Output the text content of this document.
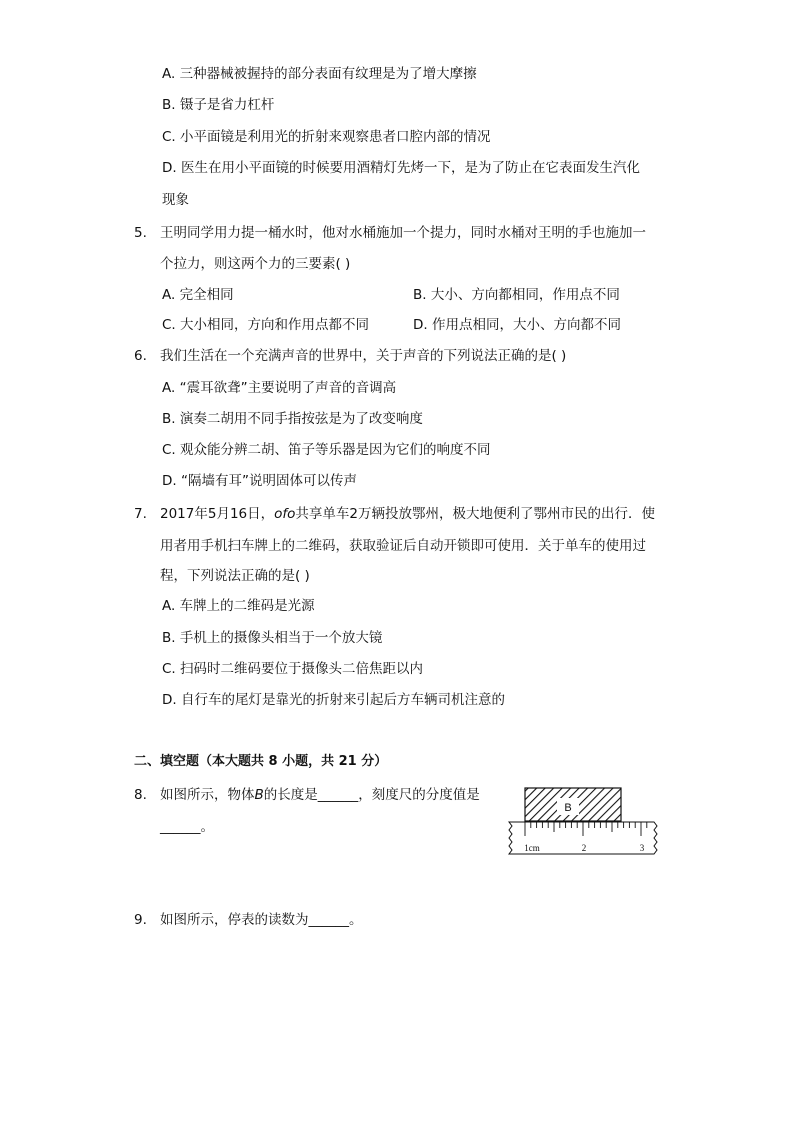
A. 三种器械被握持的部分表面有纹理是为了增大摩擦
B. 镊子是省力杠杆
C. 小平面镜是利用光的折射来观察患者口腔内部的情况
D. 医生在用小平面镜的时候要用酒精灯先烤一下，是为了防止在它表面发生汽化
现象
5. 王明同学用力提一桶水时，他对水桶施加一个提力，同时水桶对王明的手也施加一
个拉力，则这两个力的三要素( )
A. 完全相同	B. 大小、方向都相同，作用点不同
C. 大小相同，方向和作用点都不同	D. 作用点相同，大小、方向都不同
6. 我们生活在一个充满声音的世界中，关于声音的下列说法正确的是( )
A. “震耳欲聋”主要说明了声音的音调高
B. 演奏二胡用不同手指按弦是为了改变响度
C. 观众能分辨二胡、笛子等乐器是因为它们的响度不同
D. “隔墙有耳”说明固体可以传声
7. 2017年5月16日，ofo共享单车2万辆投放鄂州，极大地便利了鄂州市民的出行．使
用者用手机扫车牌上的二维码，获取验证后自动开锁即可使用．关于单车的使用过
程，下列说法正确的是( )
A. 车牌上的二维码是光源
B. 手机上的摄像头相当于一个放大镜
C. 扫码时二维码要位于摄像头二倍焦距以内
D. 自行车的尾灯是靠光的折射来引起后方车辆司机注意的
二、填空题（本大题共 8 小题，共 21 分）
8. 如图所示，物体B的长度是______，刻度尺的分度值是
______。
B
1cm	2	3
9. 如图所示，停表的读数为______。
